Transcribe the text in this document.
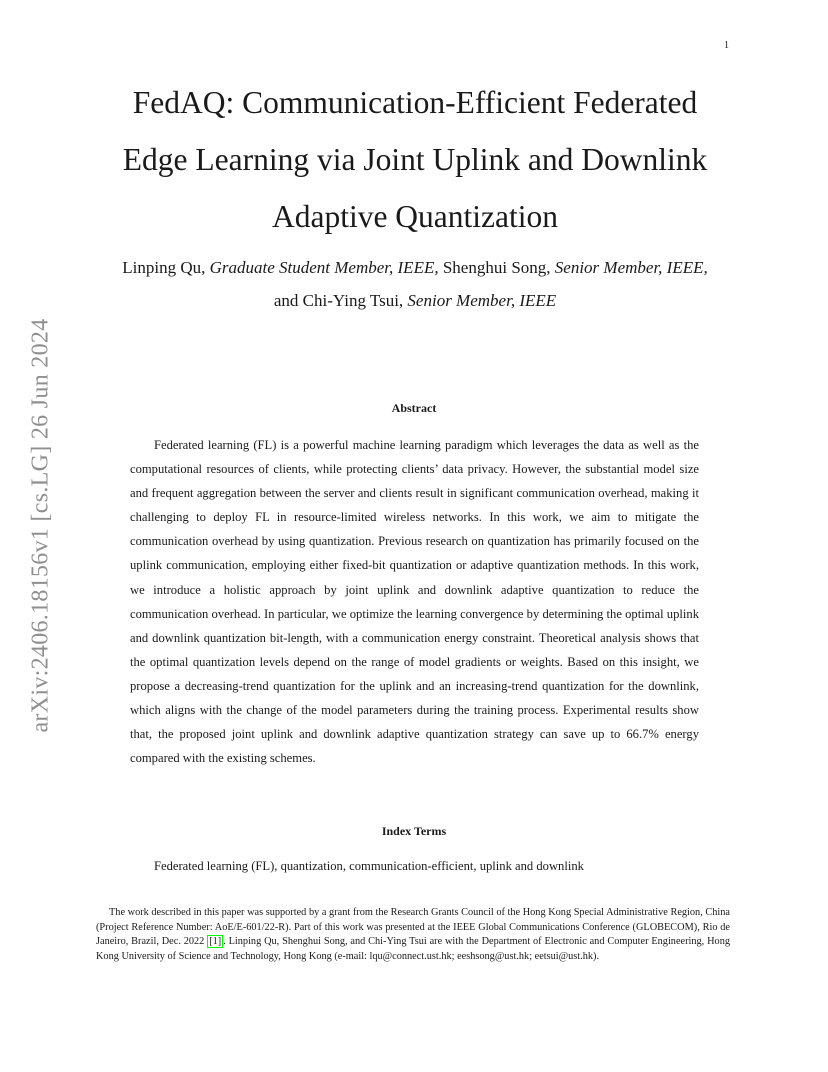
1
arXiv:2406.18156v1 [cs.LG] 26 Jun 2024
FedAQ: Communication-Efficient Federated Edge Learning via Joint Uplink and Downlink Adaptive Quantization
Linping Qu, Graduate Student Member, IEEE, Shenghui Song, Senior Member, IEEE, and Chi-Ying Tsui, Senior Member, IEEE
Abstract

Federated learning (FL) is a powerful machine learning paradigm which leverages the data as well as the computational resources of clients, while protecting clients’ data privacy. However, the substantial model size and frequent aggregation between the server and clients result in significant communication overhead, making it challenging to deploy FL in resource-limited wireless networks. In this work, we aim to mitigate the communication overhead by using quantization. Previous research on quantization has primarily focused on the uplink communication, employing either fixed-bit quantization or adaptive quantization methods. In this work, we introduce a holistic approach by joint uplink and downlink adaptive quantization to reduce the communication overhead. In particular, we optimize the learning convergence by determining the optimal uplink and downlink quantization bit-length, with a communication energy constraint. Theoretical analysis shows that the optimal quantization levels depend on the range of model gradients or weights. Based on this insight, we propose a decreasing-trend quantization for the uplink and an increasing-trend quantization for the downlink, which aligns with the change of the model parameters during the training process. Experimental results show that, the proposed joint uplink and downlink adaptive quantization strategy can save up to 66.7% energy compared with the existing schemes.

Index Terms
Federated learning (FL), quantization, communication-efficient, uplink and downlink

The work described in this paper was supported by a grant from the Research Grants Council of the Hong Kong Special Administrative Region, China (Project Reference Number: AoE/E-601/22-R). Part of this work was presented at the IEEE Global Communications Conference (GLOBECOM), Rio de Janeiro, Brazil, Dec. 2022 [1] . Linping Qu, Shenghui Song, and Chi-Ying Tsui are with the Department of Electronic and Computer Engineering, Hong Kong University of Science and Technology, Hong Kong (e-mail: lqu@connect.ust.hk; eeshsong@ust.hk; eetsui@ust.hk).
